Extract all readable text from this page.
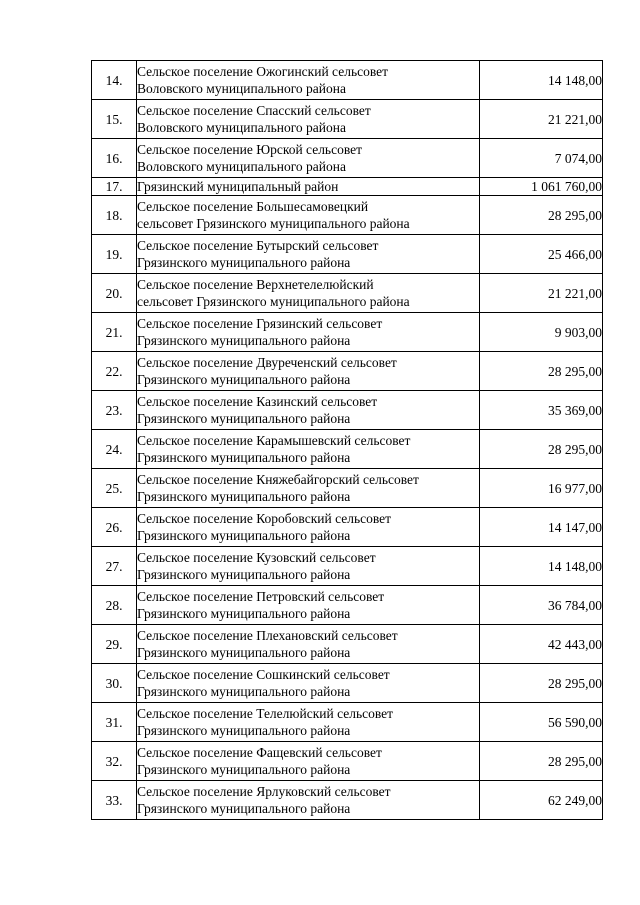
14.	Сельское поселение Ожогинский сельсовет
Воловского муниципального района	14 148,00
15.	Сельское поселение Спасский сельсовет
Воловского муниципального района	21 221,00
16.	Сельское поселение Юрской сельсовет
Воловского муниципального района	7 074,00
17.	Грязинский муниципальный район	1 061 760,00
18.	Сельское поселение Большесамовецкий
сельсовет Грязинского муниципального района	28 295,00
19.	Сельское поселение Бутырский сельсовет
Грязинского муниципального района	25 466,00
20.	Сельское поселение Верхнетелелюйский
сельсовет Грязинского муниципального района	21 221,00
21.	Сельское поселение Грязинский сельсовет
Грязинского муниципального района	9 903,00
22.	Сельское поселение Двуреченский сельсовет
Грязинского муниципального района	28 295,00
23.	Сельское поселение Казинский сельсовет
Грязинского муниципального района	35 369,00
24.	Сельское поселение Карамышевский сельсовет
Грязинского муниципального района	28 295,00
25.	Сельское поселение Княжебайгорский сельсовет
Грязинского муниципального района	16 977,00
26.	Сельское поселение Коробовский сельсовет
Грязинского муниципального района	14 147,00
27.	Сельское поселение Кузовский сельсовет
Грязинского муниципального района	14 148,00
28.	Сельское поселение Петровский сельсовет
Грязинского муниципального района	36 784,00
29.	Сельское поселение Плехановский сельсовет
Грязинского муниципального района	42 443,00
30.	Сельское поселение Сошкинский сельсовет
Грязинского муниципального района	28 295,00
31.	Сельское поселение Телелюйский сельсовет
Грязинского муниципального района	56 590,00
32.	Сельское поселение Фащевский сельсовет
Грязинского муниципального района	28 295,00
33.	Сельское поселение Ярлуковский сельсовет
Грязинского муниципального района	62 249,00
